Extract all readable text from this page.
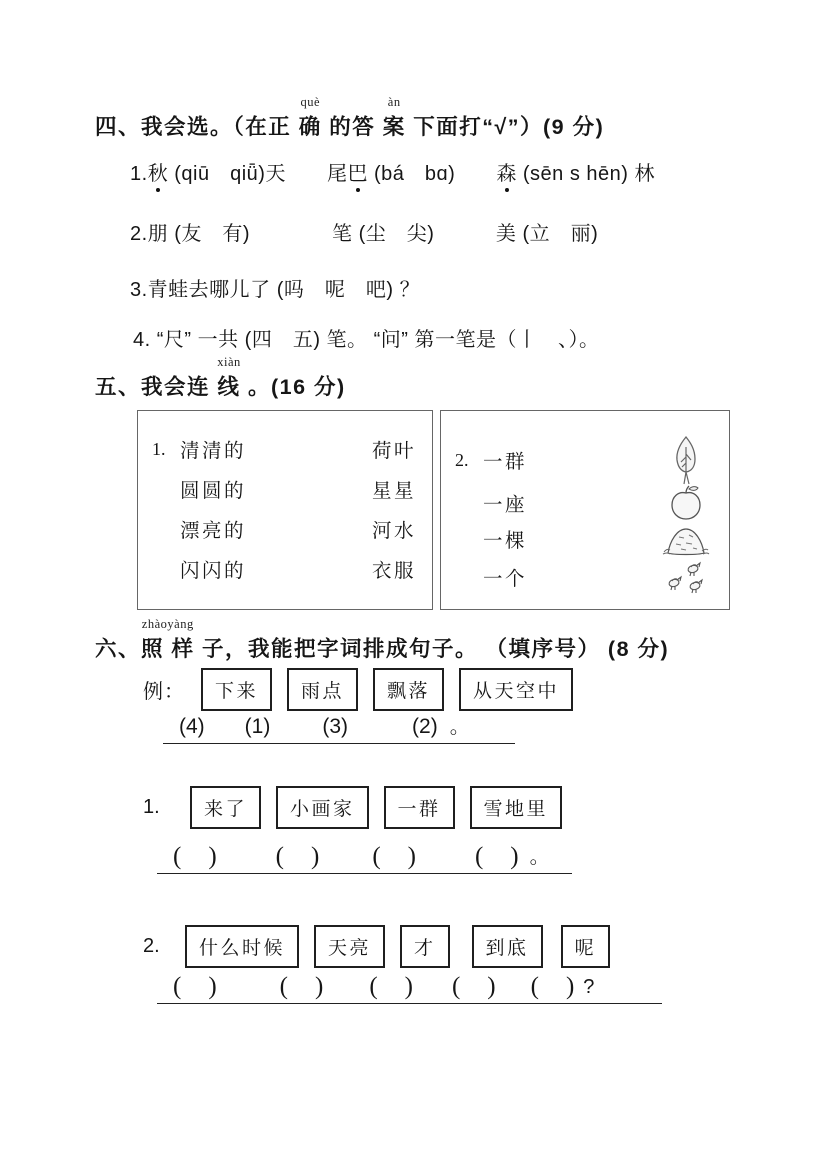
四、我会选。（在正
què
确 的答
àn
案 下面打“√”）(9 分)

1.秋 (qiū　qiǖ)天　　尾巴 (bá　bɑ)　　森 (sēn s hēn) 林

2.朋 (友　有)　　　　笔 (尘　尖)　　　美 (立　丽)

3.青蛙去哪儿了 (吗　呢　吧) ？

4. “尺” 一共 (四　五) 笔。 “问” 第一笔是（丨　、）。

五、我会连
xiàn
线 。(16 分)
1. 清清的	荷叶
圆圆的	星星
漂亮的	河水
闪闪的	衣服
2. 一群
一座
一棵
一个
六、
zhàoyàng
照 样 子，我能把字词排成句子。 （填序号） (8 分)
例：	下来	雨点	飘落	从天空中
(4) (1) (3)	(2) 。
1.	来了	小画家	一群	雪地里
(　) (　) (　) (　) 。
2.	什么时候	天亮	才	到底	呢
(　) (　) (　) (　) (　) ?
